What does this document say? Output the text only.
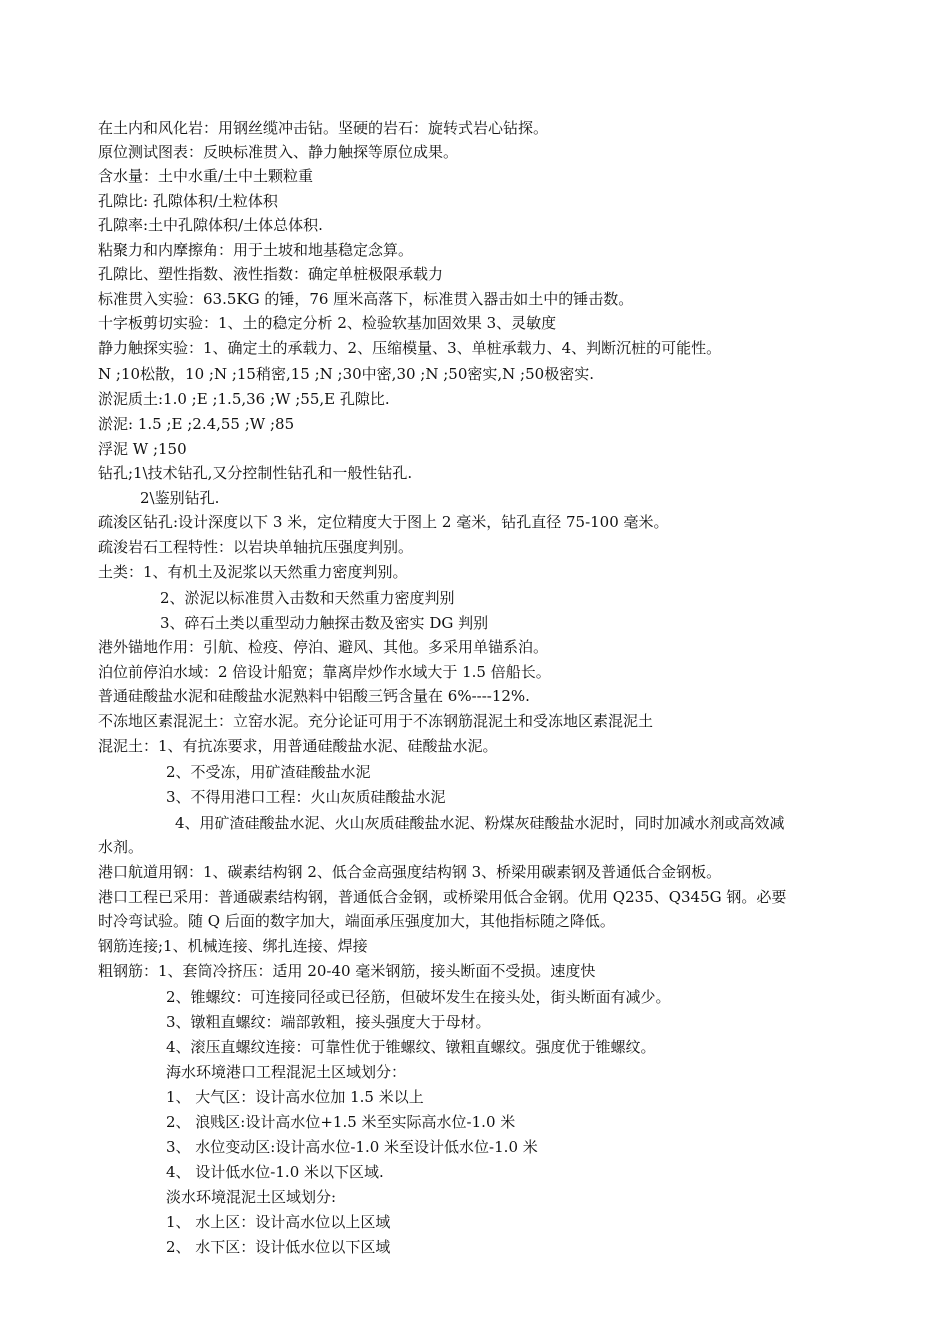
在土内和风化岩：用钢丝缆冲击钻。坚硬的岩石：旋转式岩心钻探。
原位测试图表：反映标准贯入、静力触探等原位成果。
含水量：土中水重/土中土颗粒重
孔隙比: 孔隙体积/土粒体积
孔隙率:土中孔隙体积/土体总体积.
粘聚力和内摩擦角：用于土坡和地基稳定念算。
孔隙比、塑性指数、液性指数：确定单桩极限承载力
标准贯入实验：63.5KG 的锤，76 厘米高落下，标准贯入器击如土中的锤击数。
十字板剪切实验：1、土的稳定分析 2、检验软基加固效果 3、灵敏度
静力触探实验：1、确定土的承载力、2、压缩模量、3、单桩承载力、4、判断沉桩的可能性。
N ;10松散，10 ;N ;15稍密,15 ;N ;30中密,30 ;N ;50密实,N ;50极密实.
淤泥质土:1.0 ;E ;1.5,36 ;W ;55,E 孔隙比.
淤泥: 1.5 ;E ;2.4,55 ;W ;85
浮泥 W ;150
钻孔;1\技术钻孔,又分控制性钻孔和一般性钻孔.
2\鉴别钻孔.
疏浚区钻孔:设计深度以下 3 米，定位精度大于图上 2 毫米，钻孔直径 75-100 毫米。
疏浚岩石工程特性：以岩块单轴抗压强度判别。
土类：1、有机土及泥浆以天然重力密度判别。
2、淤泥以标准贯入击数和天然重力密度判别
3、碎石土类以重型动力触探击数及密实 DG 判别
港外锚地作用：引航、检疫、停泊、避风、其他。多采用单锚系泊。
泊位前停泊水域：2 倍设计船宽；靠离岸炒作水域大于 1.5 倍船长。
普通硅酸盐水泥和硅酸盐水泥熟料中铝酸三钙含量在 6%----12%.
不冻地区素混泥土：立窑水泥。充分论证可用于不冻钢筋混泥土和受冻地区素混泥土
混泥土：1、有抗冻要求，用普通硅酸盐水泥、硅酸盐水泥。
2、不受冻，用矿渣硅酸盐水泥
3、不得用港口工程：火山灰质硅酸盐水泥
4、用矿渣硅酸盐水泥、火山灰质硅酸盐水泥、粉煤灰硅酸盐水泥时，同时加减水剂或高效减
水剂。
港口航道用钢：1、碳素结构钢 2、低合金高强度结构钢 3、桥梁用碳素钢及普通低合金钢板。
港口工程已采用：普通碳素结构钢，普通低合金钢，或桥梁用低合金钢。优用 Q235、Q345G 钢。必要
时冷弯试验。随 Q 后面的数字加大，端面承压强度加大，其他指标随之降低。
钢筋连接;1、机械连接、绑扎连接、焊接
粗钢筋：1、套筒冷挤压：适用 20-40 毫米钢筋，接头断面不受损。速度快
2、锥螺纹：可连接同径或已径筋，但破坏发生在接头处，街头断面有减少。
3、镦粗直螺纹：端部敦粗，接头强度大于母材。
4、滚压直螺纹连接：可靠性优于锥螺纹、镦粗直螺纹。强度优于锥螺纹。
海水环境港口工程混泥土区域划分：
1、 大气区：设计高水位加 1.5 米以上
2、 浪贱区:设计高水位+1.5 米至实际高水位-1.0 米
3、 水位变动区:设计高水位-1.0 米至设计低水位-1.0 米
4、 设计低水位-1.0 米以下区域.
淡水环境混泥土区域划分:
1、 水上区：设计高水位以上区域
2、 水下区：设计低水位以下区域
